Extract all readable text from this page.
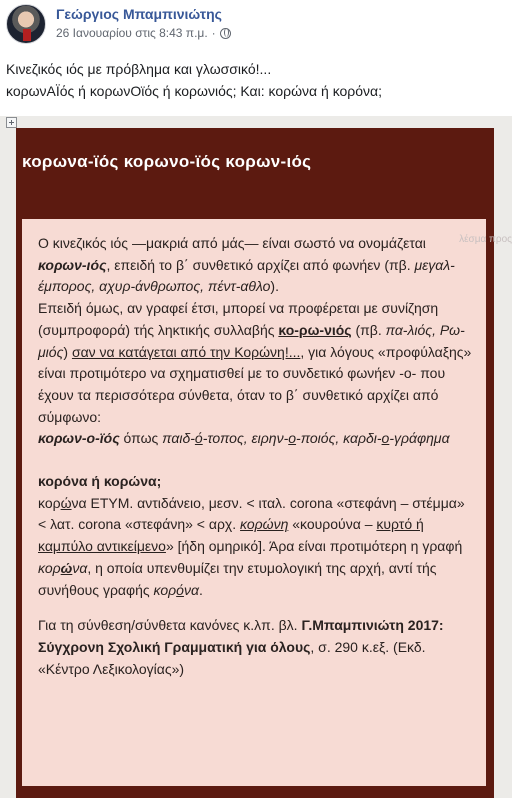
Γεώργιος Μπαμπινιώτης
26 Ιανουαρίου στις 8:43 π.μ. ·

Κινεζικός ιός με πρόβλημα και γλωσσικό!...

κορωνΑΪός ή κορωνΟϊός ή κορωνιός; Και: κορώνα ή κορόνα;

κορωνα-ϊός κορωνο-ϊός κορων-ιός

Ο κινεζικός ιός —μακριά από μάς— είναι σωστό να ονομάζεται κορων-ιός, επειδή το β΄ συνθετικό αρχίζει από φωνήεν (πβ. μεγαλ-έμπορος, αχυρ-άνθρωπος, πέντ-αθλο).

Επειδή όμως, αν γραφεί έτσι, μπορεί να προφέρεται με συνίζηση (συμπροφορά) τής ληκτικής συλλαβής κο-ρω-νιός (πβ. πα-λιός, Ρω-μιός) σαν να κατάγεται από την Κορώνη!..., για λόγους «προφύλαξης» είναι προτιμότερο να σχηματισθεί με το συνδετικό φωνήεν -ο- που έχουν τα περισσότερα σύνθετα, όταν το β΄ συνθετικό αρχίζει από σύμφωνο:

κορων-ο-ϊός όπως παιδ-ό-τοπος, ειρην-ο-ποιός, καρδι-ο-γράφημα

κορόνα ή κορώνα;

κορώνα ΕΤΥΜ. αντιδάνειο, μεσν. < ιταλ. corona «στεφάνη – στέμμα» < λατ. corona «στεφάνη» < αρχ. κορώνη «κουρούνα – κυρτό ή καμπύλο αντικείμενο» [ήδη ομηρικό]. Άρα είναι προτιμότερη η γραφή κορώνα, η οποία υπενθυμίζει την ετυμολογική της αρχή, αντί τής συνήθους γραφής κορόνα.

Για τη σύνθεση/σύνθετα κανόνες κ.λπ. βλ. Γ.Μπαμπινιώτη 2017: Σύγχρονη Σχολική Γραμματική για όλους, σ. 290 κ.εξ. (Εκδ. «Κέντρο Λεξικολογίας»)

λέσμα προς
